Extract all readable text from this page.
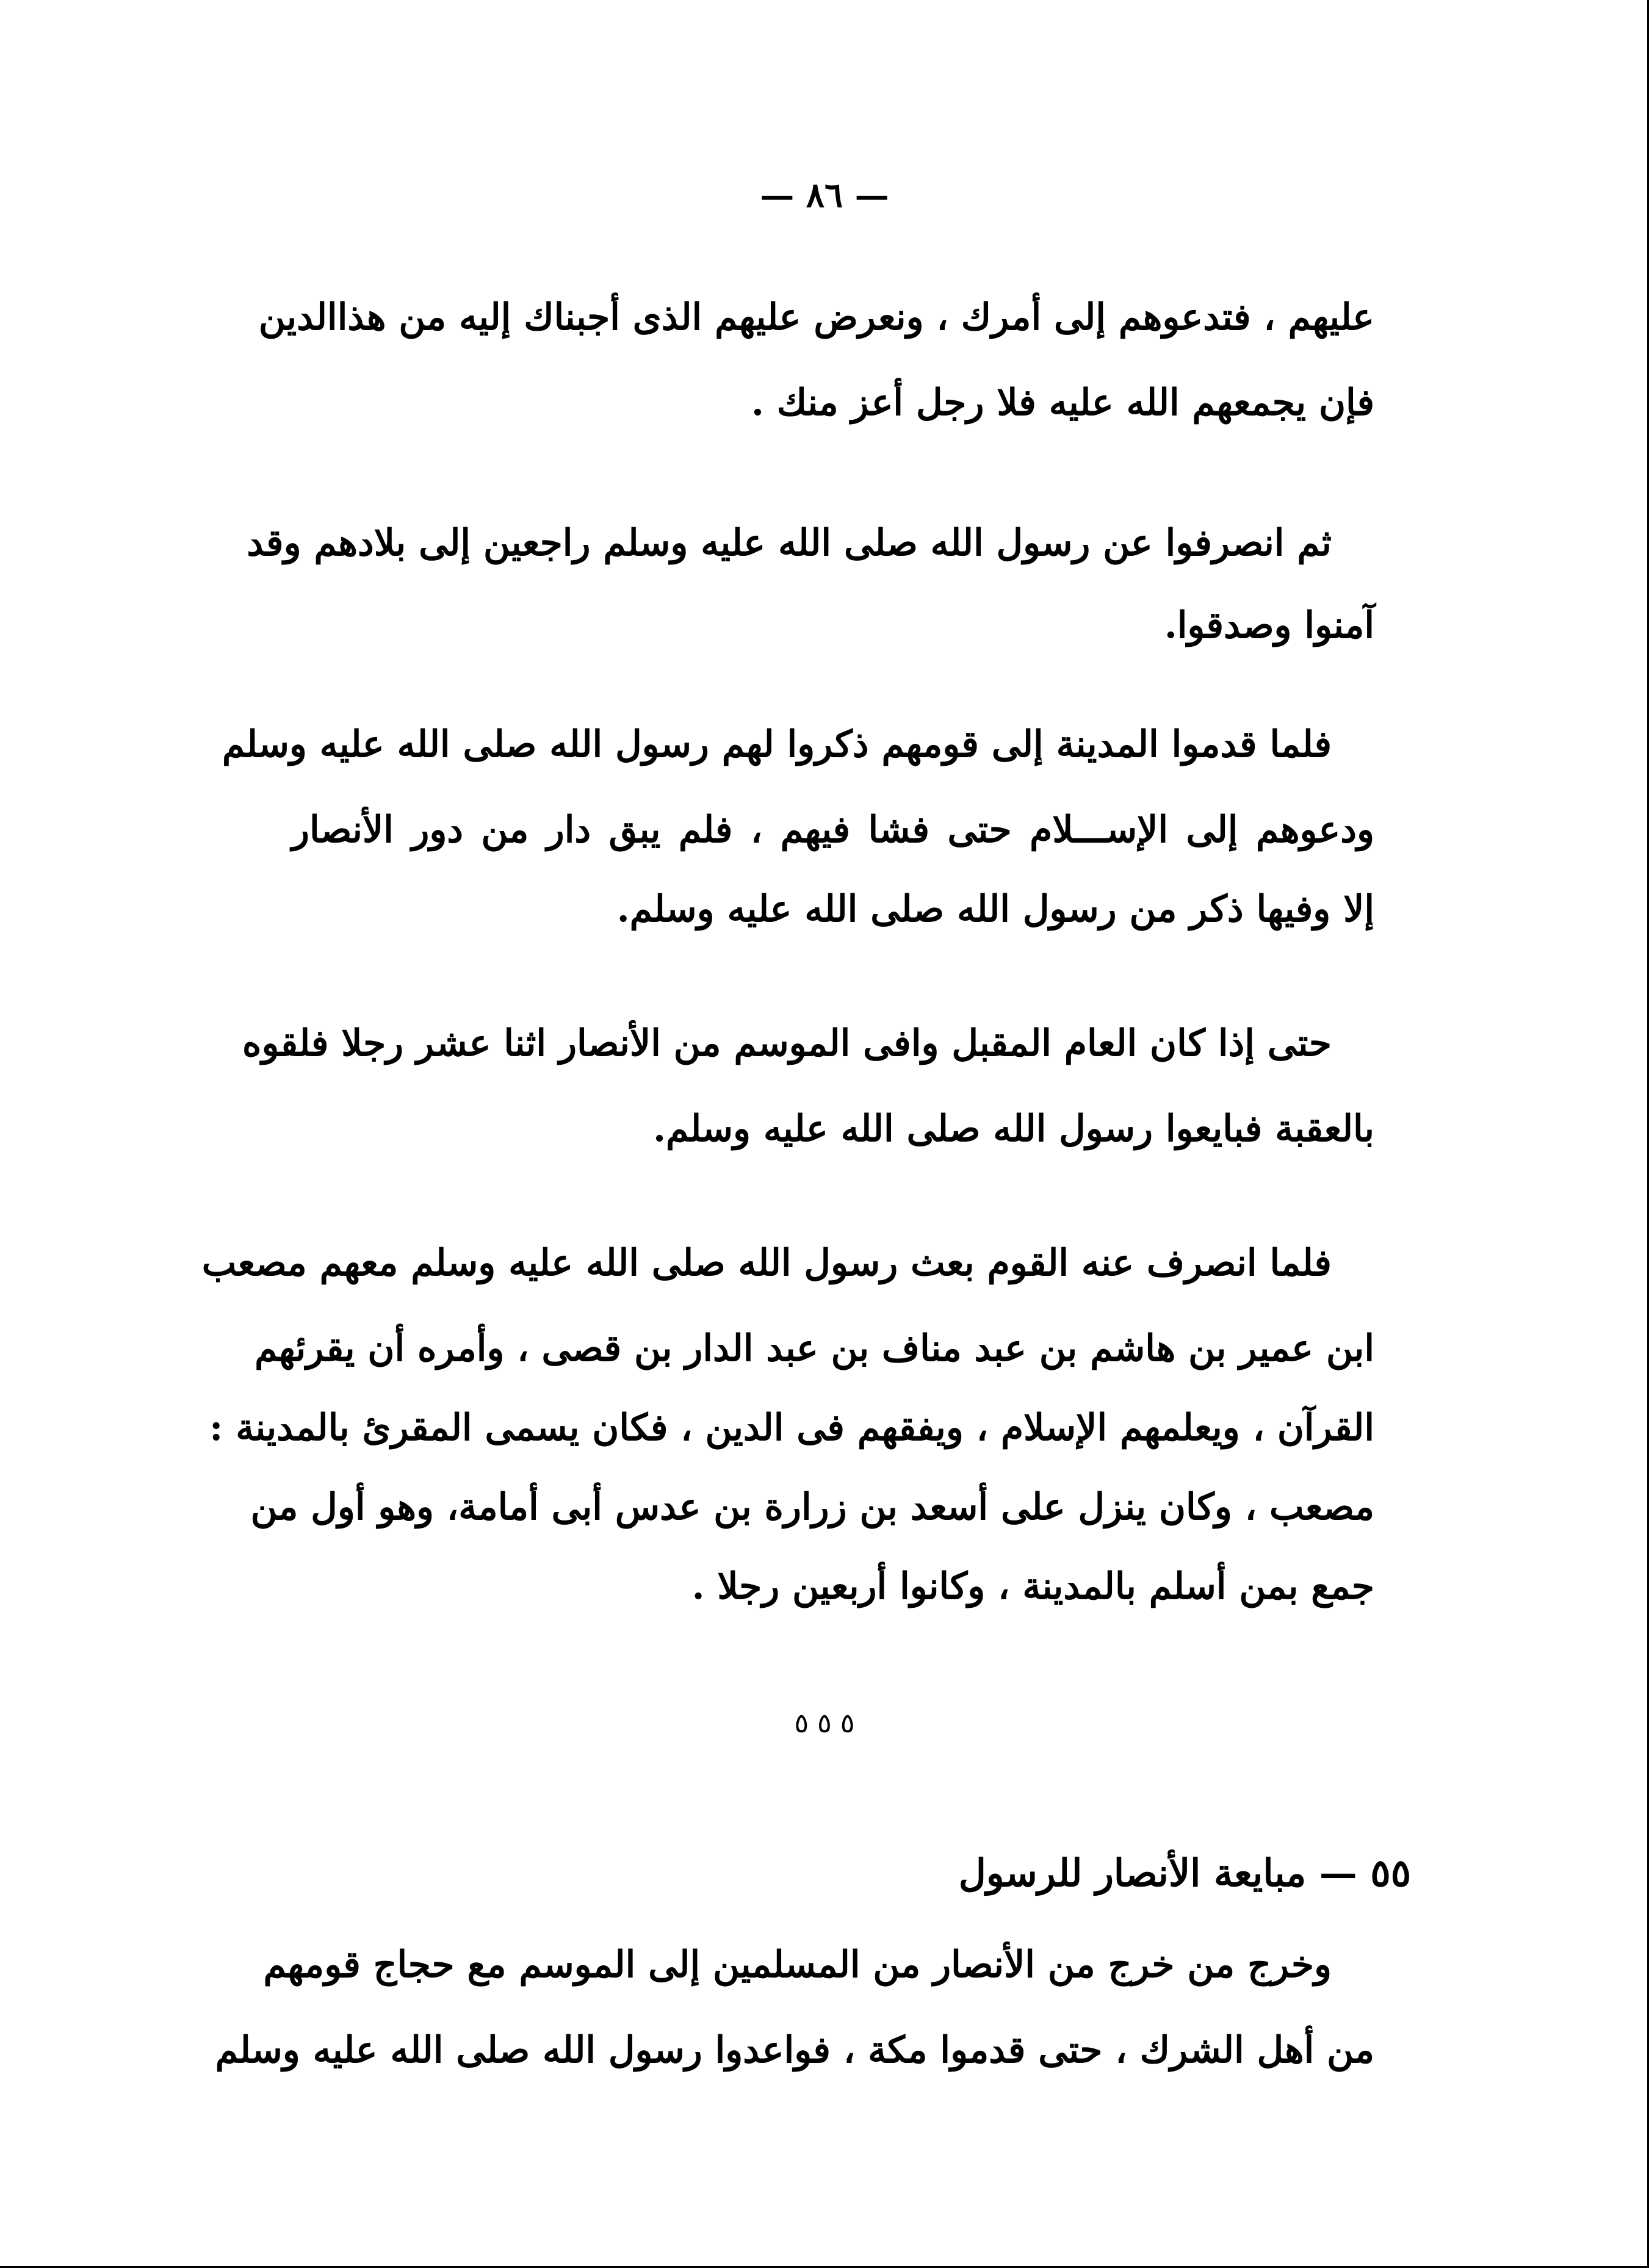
— ٨٦ —
عليهم ، فتدعوهم إلى أمرك ، ونعرض عليهم الذى أجبناك إليه من هذاالدين
فإن يجمعهم الله عليه فلا رجل أعز منك .
ثم انصرفوا عن رسول الله صلى الله عليه وسلم راجعين إلى بلادهم وقد
آمنوا وصدقوا.
فلما قدموا المدينة إلى قومهم ذكروا لهم رسول الله صلى الله عليه وسلم
ودعوهم إلى الإســـلام حتى فشا فيهم ، فلم يبق دار من دور الأنصار
إلا وفيها ذكر من رسول الله صلى الله عليه وسلم.
حتى إذا كان العام المقبل وافى الموسم من الأنصار اثنا عشر رجلا فلقوه
بالعقبة فبايعوا رسول الله صلى الله عليه وسلم.
فلما انصرف عنه القوم بعث رسول الله صلى الله عليه وسلم معهم مصعب
ابن عمير بن هاشم بن عبد مناف بن عبد الدار بن قصى ، وأمره أن يقرئهم
القرآن ، ويعلمهم الإسلام ، ويفقهم فى الدين ، فكان يسمى المقرئ بالمدينة :
مصعب ، وكان ينزل على أسعد بن زرارة بن عدس أبى أمامة، وهو أول من
جمع بمن أسلم بالمدينة ، وكانوا أربعين رجلا .
٥ ٥ ٥
٥٥ — مبايعة الأنصار للرسول
وخرج من خرج من الأنصار من المسلمين إلى الموسم مع حجاج قومهم
من أهل الشرك ، حتى قدموا مكة ، فواعدوا رسول الله صلى الله عليه وسلم
